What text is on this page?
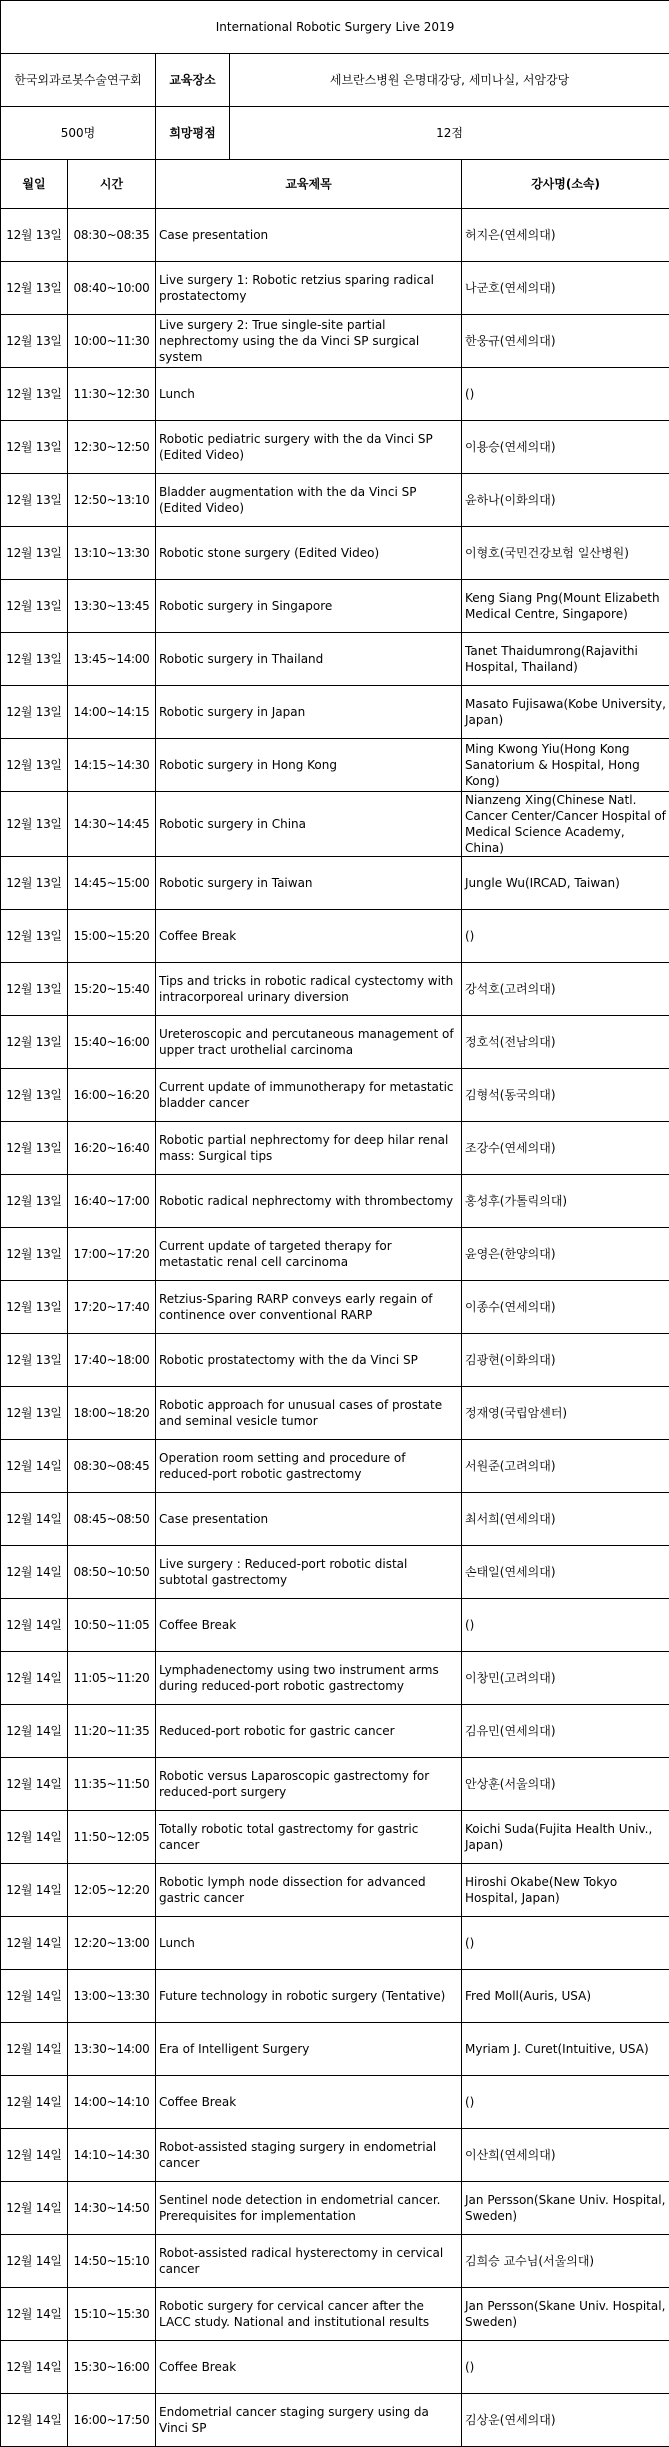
International Robotic Surgery Live 2019				
한국외과로봇수술연구회		교육장소	세브란스병원 은명대강당, 세미나실, 서암강당	
500명		희망평점	12점	
월일	시간	교육제목		강사명(소속)
12월 13일	08:30~08:35	Case presentation		허지은(연세의대)
12월 13일	08:40~10:00	Live surgery 1: Robotic retzius sparing radical prostatectomy		나군호(연세의대)
12월 13일	10:00~11:30	Live surgery 2: True single-site partial nephrectomy using the da Vinci SP surgical system		한웅규(연세의대)
12월 13일	11:30~12:30	Lunch		()
12월 13일	12:30~12:50	Robotic pediatric surgery with the da Vinci SP (Edited Video)		이용승(연세의대)
12월 13일	12:50~13:10	Bladder augmentation with the da Vinci SP (Edited Video)		윤하나(이화의대)
12월 13일	13:10~13:30	Robotic stone surgery (Edited Video)		이형호(국민건강보험 일산병원)
12월 13일	13:30~13:45	Robotic surgery in Singapore		Keng Siang Png(Mount Elizabeth Medical Centre, Singapore)
12월 13일	13:45~14:00	Robotic surgery in Thailand		Tanet Thaidumrong(Rajavithi Hospital, Thailand)
12월 13일	14:00~14:15	Robotic surgery in Japan		Masato Fujisawa(Kobe University, Japan)
12월 13일	14:15~14:30	Robotic surgery in Hong Kong		Ming Kwong Yiu(Hong Kong Sanatorium & Hospital, Hong Kong)
12월 13일	14:30~14:45	Robotic surgery in China		Nianzeng Xing(Chinese Natl. Cancer Center/Cancer Hospital of Medical Science Academy, China)
12월 13일	14:45~15:00	Robotic surgery in Taiwan		Jungle Wu(IRCAD, Taiwan)
12월 13일	15:00~15:20	Coffee Break		()
12월 13일	15:20~15:40	Tips and tricks in robotic radical cystectomy with intracorporeal urinary diversion		강석호(고려의대)
12월 13일	15:40~16:00	Ureteroscopic and percutaneous management of upper tract urothelial carcinoma		정호석(전남의대)
12월 13일	16:00~16:20	Current update of immunotherapy for metastatic bladder cancer		김형석(동국의대)
12월 13일	16:20~16:40	Robotic partial nephrectomy for deep hilar renal mass: Surgical tips		조강수(연세의대)
12월 13일	16:40~17:00	Robotic radical nephrectomy with thrombectomy		홍성후(가톨릭의대)
12월 13일	17:00~17:20	Current update of targeted therapy for metastatic renal cell carcinoma		윤영은(한양의대)
12월 13일	17:20~17:40	Retzius-Sparing RARP conveys early regain of continence over conventional RARP		이종수(연세의대)
12월 13일	17:40~18:00	Robotic prostatectomy with the da Vinci SP		김광현(이화의대)
12월 13일	18:00~18:20	Robotic approach for unusual cases of prostate and seminal vesicle tumor		정재영(국립암센터)
12월 14일	08:30~08:45	Operation room setting and procedure of reduced-port robotic gastrectomy		서원준(고려의대)
12월 14일	08:45~08:50	Case presentation		최서희(연세의대)
12월 14일	08:50~10:50	Live surgery : Reduced-port robotic distal subtotal gastrectomy		손태일(연세의대)
12월 14일	10:50~11:05	Coffee Break		()
12월 14일	11:05~11:20	Lymphadenectomy using two instrument arms during reduced-port robotic gastrectomy		이창민(고려의대)
12월 14일	11:20~11:35	Reduced-port robotic for gastric cancer		김유민(연세의대)
12월 14일	11:35~11:50	Robotic versus Laparoscopic gastrectomy for reduced-port surgery		안상훈(서울의대)
12월 14일	11:50~12:05	Totally robotic total gastrectomy for gastric cancer		Koichi Suda(Fujita Health Univ., Japan)
12월 14일	12:05~12:20	Robotic lymph node dissection for advanced gastric cancer		Hiroshi Okabe(New Tokyo Hospital, Japan)
12월 14일	12:20~13:00	Lunch		()
12월 14일	13:00~13:30	Future technology in robotic surgery (Tentative)		Fred Moll(Auris, USA)
12월 14일	13:30~14:00	Era of Intelligent Surgery		Myriam J. Curet(Intuitive, USA)
12월 14일	14:00~14:10	Coffee Break		()
12월 14일	14:10~14:30	Robot-assisted staging surgery in endometrial cancer		이산희(연세의대)
12월 14일	14:30~14:50	Sentinel node detection in endometrial cancer. Prerequisites for implementation		Jan Persson(Skane Univ. Hospital, Sweden)
12월 14일	14:50~15:10	Robot-assisted radical hysterectomy in cervical cancer		김희승 교수님(서울의대)
12월 14일	15:10~15:30	Robotic surgery for cervical cancer after the LACC study. National and institutional results		Jan Persson(Skane Univ. Hospital, Sweden)
12월 14일	15:30~16:00	Coffee Break		()
12월 14일	16:00~17:50	Endometrial cancer staging surgery using da Vinci SP		김상운(연세의대)
